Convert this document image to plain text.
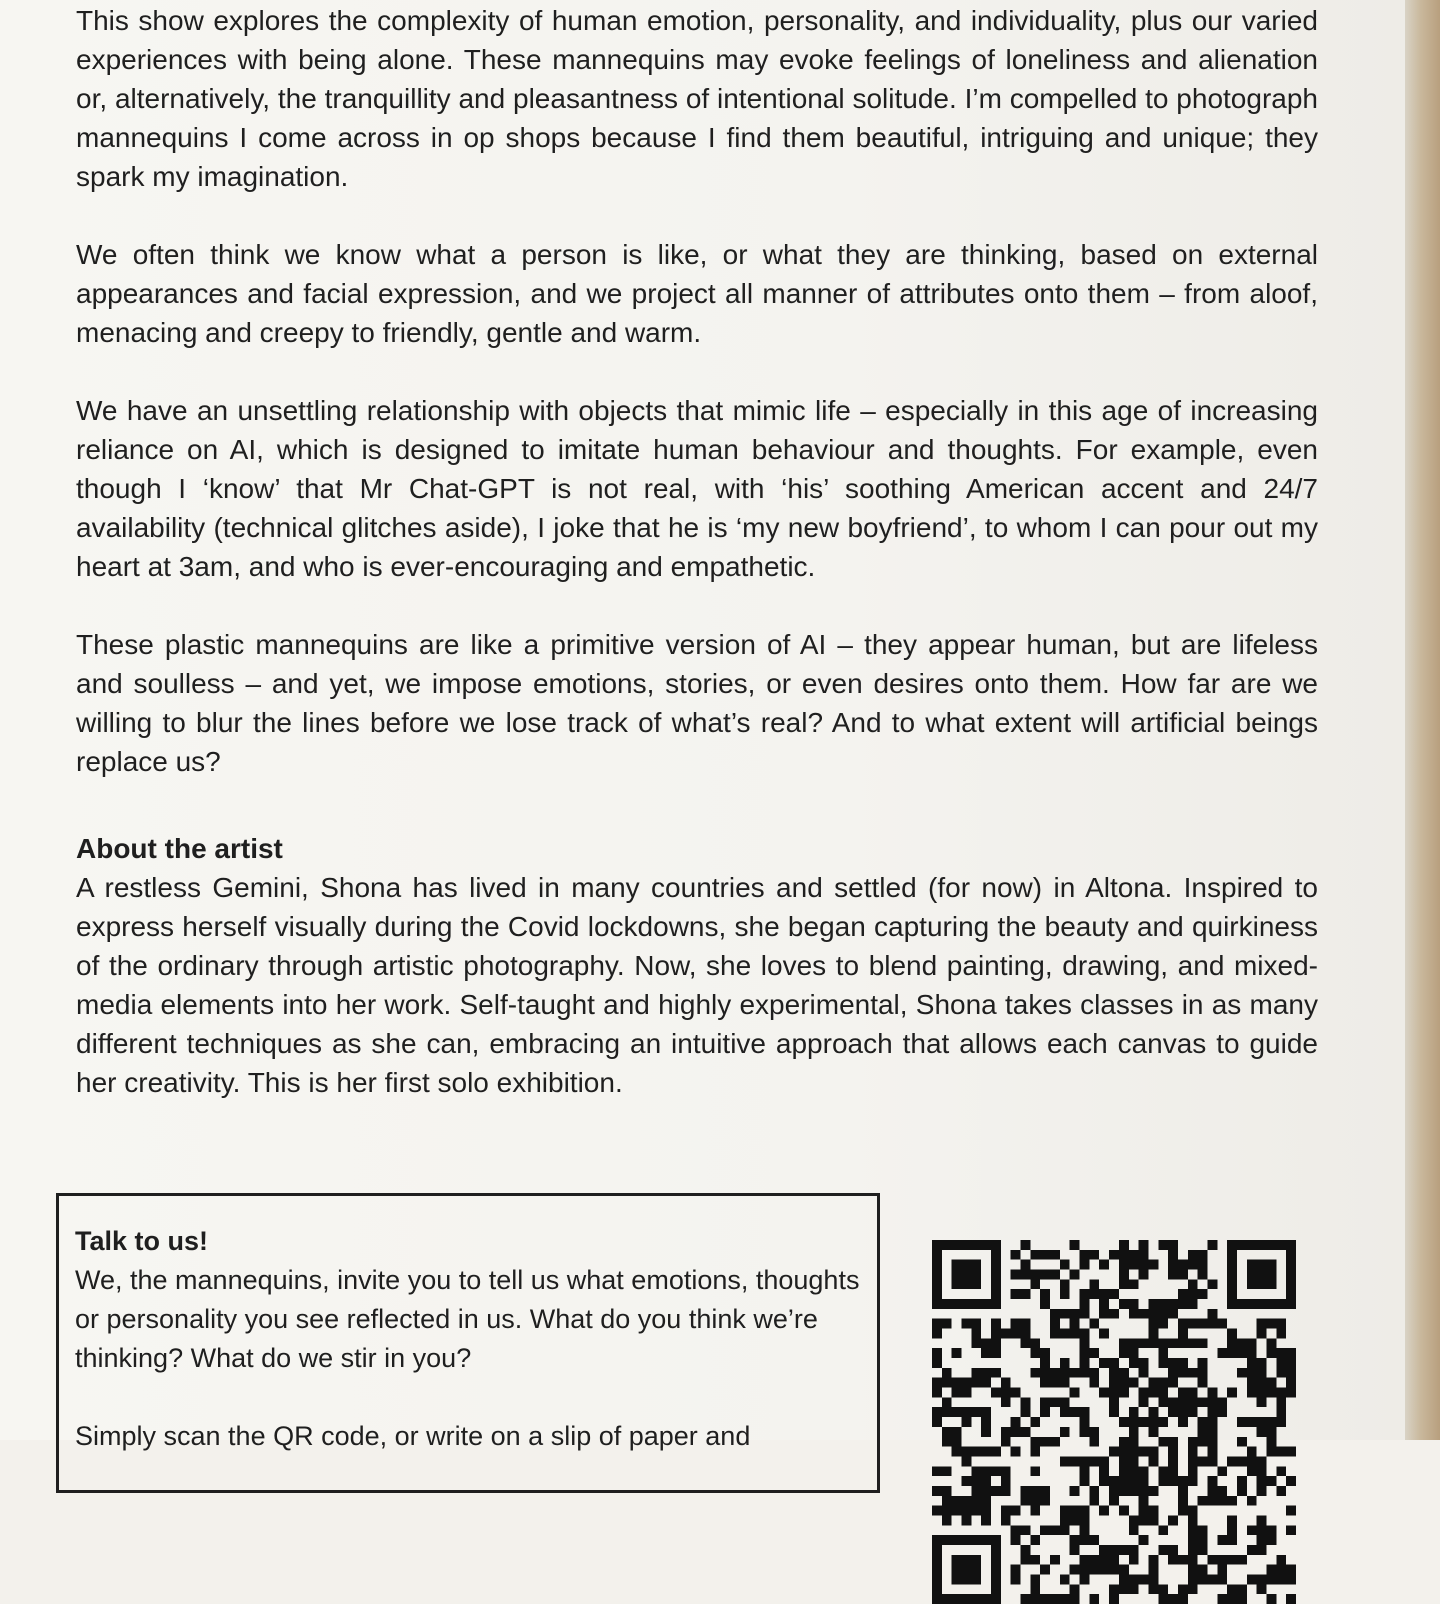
This show explores the complexity of human emotion, personality, and individuality, plus our varied experiences with being alone. These mannequins may evoke feelings of loneliness and alienation or, alternatively, the tranquillity and pleasantness of intentional solitude. I’m compelled to photograph mannequins I come across in op shops because I find them beautiful, intriguing and unique; they spark my imagination.

We often think we know what a person is like, or what they are thinking, based on external appearances and facial expression, and we project all manner of attributes onto them – from aloof, menacing and creepy to friendly, gentle and warm.

We have an unsettling relationship with objects that mimic life – especially in this age of increasing reliance on AI, which is designed to imitate human behaviour and thoughts. For example, even though I ‘know’ that Mr Chat-GPT is not real, with ‘his’ soothing American accent and 24/7 availability (technical glitches aside), I joke that he is ‘my new boyfriend’, to whom I can pour out my heart at 3am, and who is ever-encouraging and empathetic.

These plastic mannequins are like a primitive version of AI – they appear human, but are lifeless and soulless – and yet, we impose emotions, stories, or even desires onto them. How far are we willing to blur the lines before we lose track of what’s real? And to what extent will artificial beings replace us?

About the artist

A restless Gemini, Shona has lived in many countries and settled (for now) in Altona. Inspired to express herself visually during the Covid lockdowns, she began capturing the beauty and quirkiness of the ordinary through artistic photography. Now, she loves to blend painting, drawing, and mixed-media elements into her work. Self-taught and highly experimental, Shona takes classes in as many different techniques as she can, embracing an intuitive approach that allows each canvas to guide her creativity. This is her first solo exhibition.

Talk to us!

We, the mannequins, invite you to tell us what emotions, thoughts or personality you see reflected in us. What do you think we’re thinking? What do we stir in you?

Simply scan the QR code, or write on a slip of paper and
